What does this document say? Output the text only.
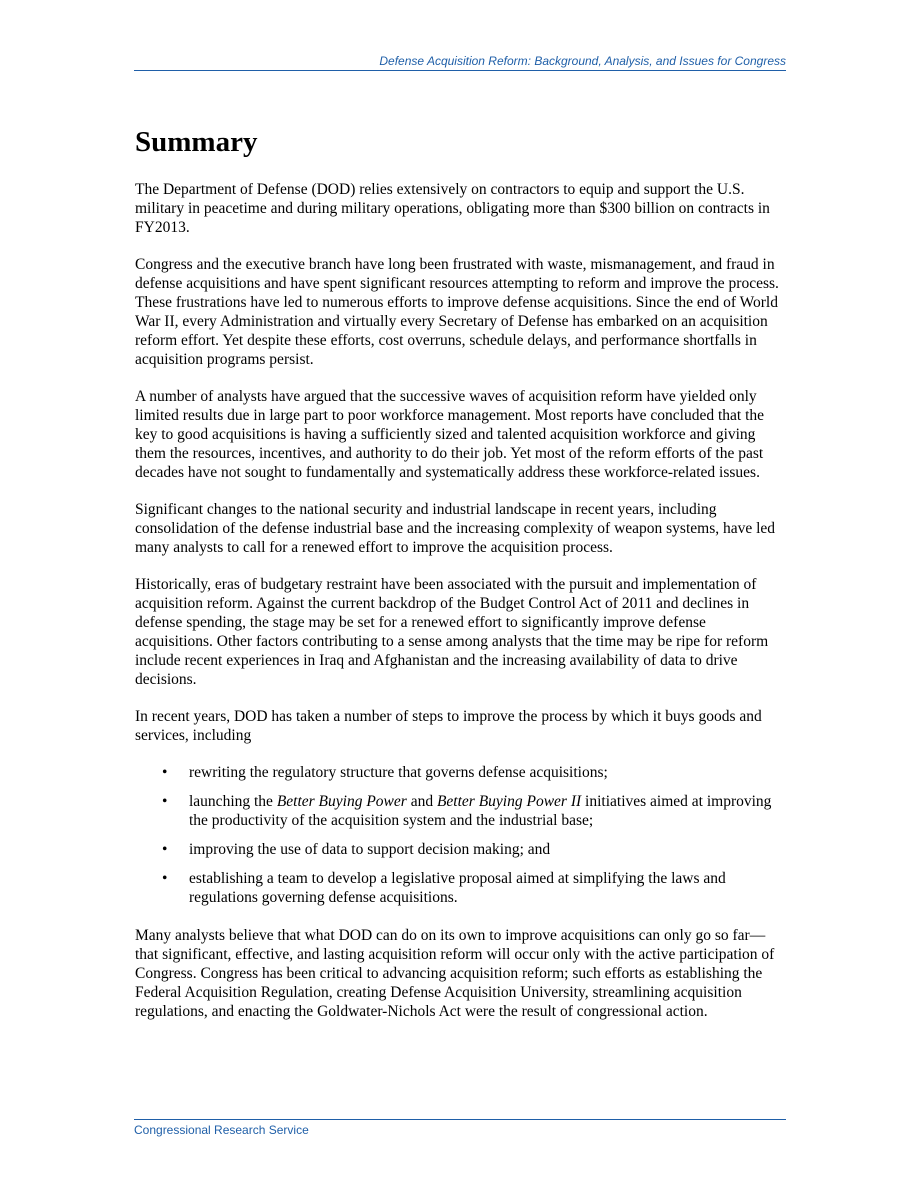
Defense Acquisition Reform: Background, Analysis, and Issues for Congress
Summary

The Department of Defense (DOD) relies extensively on contractors to equip and support the U.S. military in peacetime and during military operations, obligating more than $300 billion on contracts in FY2013.

Congress and the executive branch have long been frustrated with waste, mismanagement, and fraud in defense acquisitions and have spent significant resources attempting to reform and improve the process. These frustrations have led to numerous efforts to improve defense acquisitions. Since the end of World War II, every Administration and virtually every Secretary of Defense has embarked on an acquisition reform effort. Yet despite these efforts, cost overruns, schedule delays, and performance shortfalls in acquisition programs persist.

A number of analysts have argued that the successive waves of acquisition reform have yielded only limited results due in large part to poor workforce management. Most reports have concluded that the key to good acquisitions is having a sufficiently sized and talented acquisition workforce and giving them the resources, incentives, and authority to do their job. Yet most of the reform efforts of the past decades have not sought to fundamentally and systematically address these workforce-related issues.

Significant changes to the national security and industrial landscape in recent years, including consolidation of the defense industrial base and the increasing complexity of weapon systems, have led many analysts to call for a renewed effort to improve the acquisition process.

Historically, eras of budgetary restraint have been associated with the pursuit and implementation of acquisition reform. Against the current backdrop of the Budget Control Act of 2011 and declines in defense spending, the stage may be set for a renewed effort to significantly improve defense acquisitions. Other factors contributing to a sense among analysts that the time may be ripe for reform include recent experiences in Iraq and Afghanistan and the increasing availability of data to drive decisions.

In recent years, DOD has taken a number of steps to improve the process by which it buys goods and services, including

• rewriting the regulatory structure that governs defense acquisitions;
• launching the Better Buying Power and Better Buying Power II initiatives aimed at improving the productivity of the acquisition system and the industrial base;
• improving the use of data to support decision making; and
• establishing a team to develop a legislative proposal aimed at simplifying the laws and regulations governing defense acquisitions.

Many analysts believe that what DOD can do on its own to improve acquisitions can only go so far—that significant, effective, and lasting acquisition reform will occur only with the active participation of Congress. Congress has been critical to advancing acquisition reform; such efforts as establishing the Federal Acquisition Regulation, creating Defense Acquisition University, streamlining acquisition regulations, and enacting the Goldwater-Nichols Act were the result of congressional action.

Congressional Research Service
